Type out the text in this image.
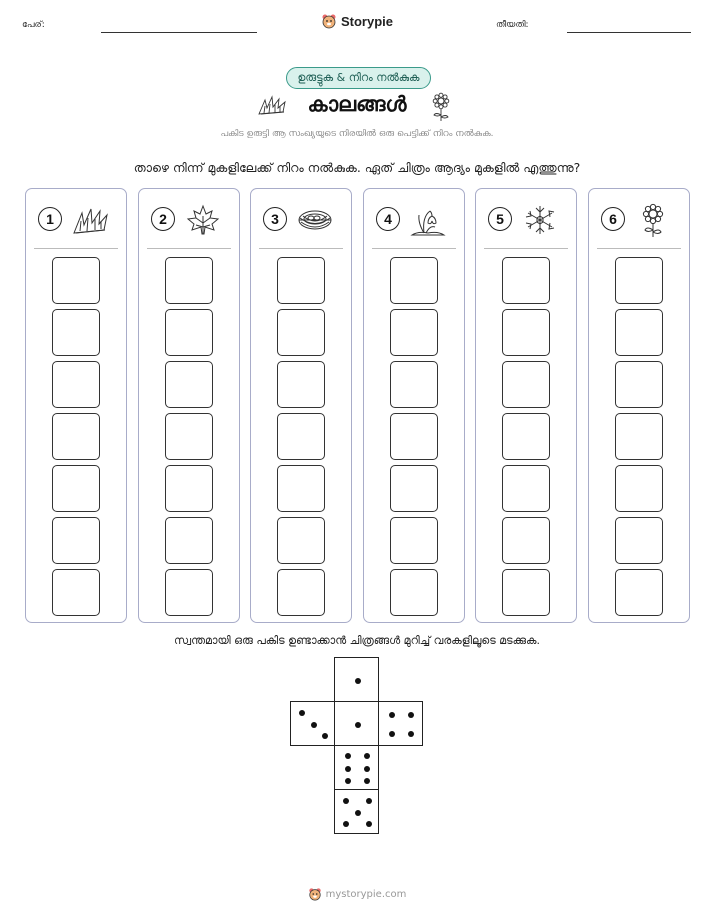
പേര്:	Storypie	തീയതി:
ഉരുട്ടുക & നിറം നൽകുക
കാലങ്ങൾ
പകിട ഉരുട്ടി ആ സംഖ്യയുടെ നിരയിൽ ഒരു പെട്ടിക്ക് നിറം നൽകുക.
താഴെ നിന്ന് മുകളിലേക്ക് നിറം നൽകുക. ഏത് ചിത്രം ആദ്യം മുകളിൽ എത്തുന്നു?
1	2	3	4	5	6
സ്വന്തമായി ഒരു പകിട ഉണ്ടാക്കാൻ ചിത്രങ്ങൾ മുറിച്ച് വരകളിലൂടെ മടക്കുക.
mystorypie.com
